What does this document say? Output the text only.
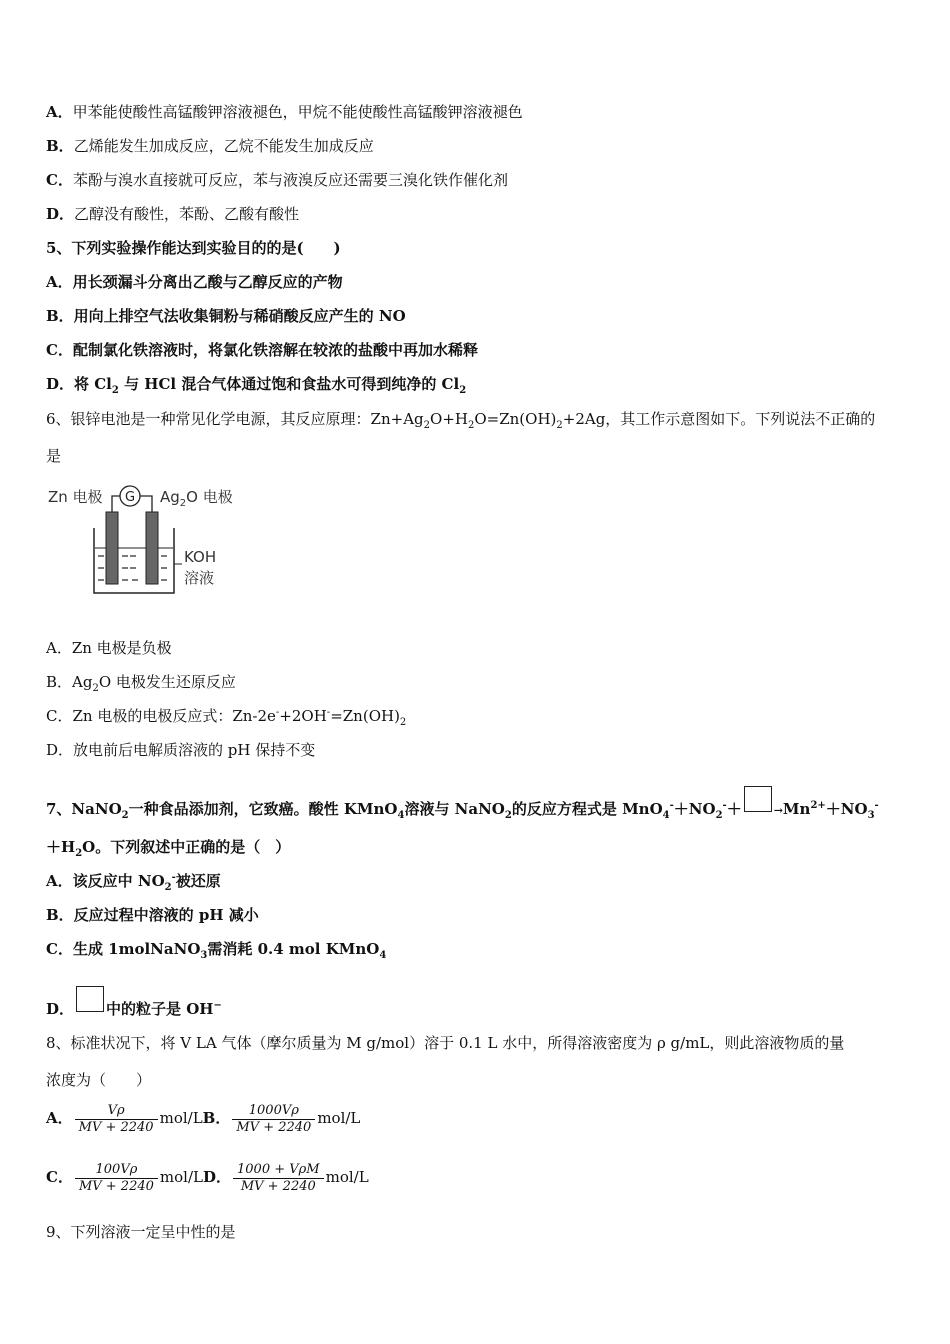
A．甲苯能使酸性高锰酸钾溶液褪色，甲烷不能使酸性高锰酸钾溶液褪色
B．乙烯能发生加成反应，乙烷不能发生加成反应
C．苯酚与溴水直接就可反应，苯与液溴反应还需要三溴化铁作催化剂
D．乙醇没有酸性，苯酚、乙酸有酸性
5、下列实验操作能达到实验目的的是(　　)
A．用长颈漏斗分离出乙酸与乙醇反应的产物
B．用向上排空气法收集铜粉与稀硝酸反应产生的 NO
C．配制氯化铁溶液时，将氯化铁溶解在较浓的盐酸中再加水稀释
D．将 $Cl_2$ 与 HCl 混合气体通过饱和食盐水可得到纯净的 $Cl_2$
6、银锌电池是一种常见化学电源，其反应原理：$Zn+Ag_2O+H_2O=Zn(OH)_2+2Ag$，其工作示意图如下。下列说法不正确的
是
Zn 电极 G $Ag_2O$ 电极
KOH
溶液
A．Zn 电极是负极
B．$Ag_2O$ 电极发生还原反应
C．Zn 电极的电极反应式：$Zn-2e^-+2OH^-=Zn(OH)_2$
D．放电前后电解质溶液的 pH 保持不变
7、NaNO$_2$一种食品添加剂，它致癌。酸性 KMnO$_4$溶液与 NaNO$_2$的反应方程式是 $MnO_4^-+NO_2^-+$	$\to Mn^{2+}+NO_3^-$
$+H_2O$。下列叙述中正确的是（　）
A．该反应中 $NO_2^-$被还原
B．反应过程中溶液的 pH 减小
C．生成 1molNaNO$_3$需消耗 0.4 mol KMnO$_4$
D． 中的粒子是 OH−
8、标准状况下，将 V LA 气体（摩尔质量为 M g/mol）溶于 0.1 L 水中，所得溶液密度为 ρ g/mL，则此溶液物质的量
浓度为（　　）
A． $\frac{V\rho}{MV + 2240} mol/LB$． $\frac{1000V\rho}{MV + 2240} mol/L$
C． $\frac{100V\rho}{MV + 2240} mol/LD$． $\frac{\text{1000 + VρM}}{MV + 2240} mol/L$
9、下列溶液一定呈中性的是
